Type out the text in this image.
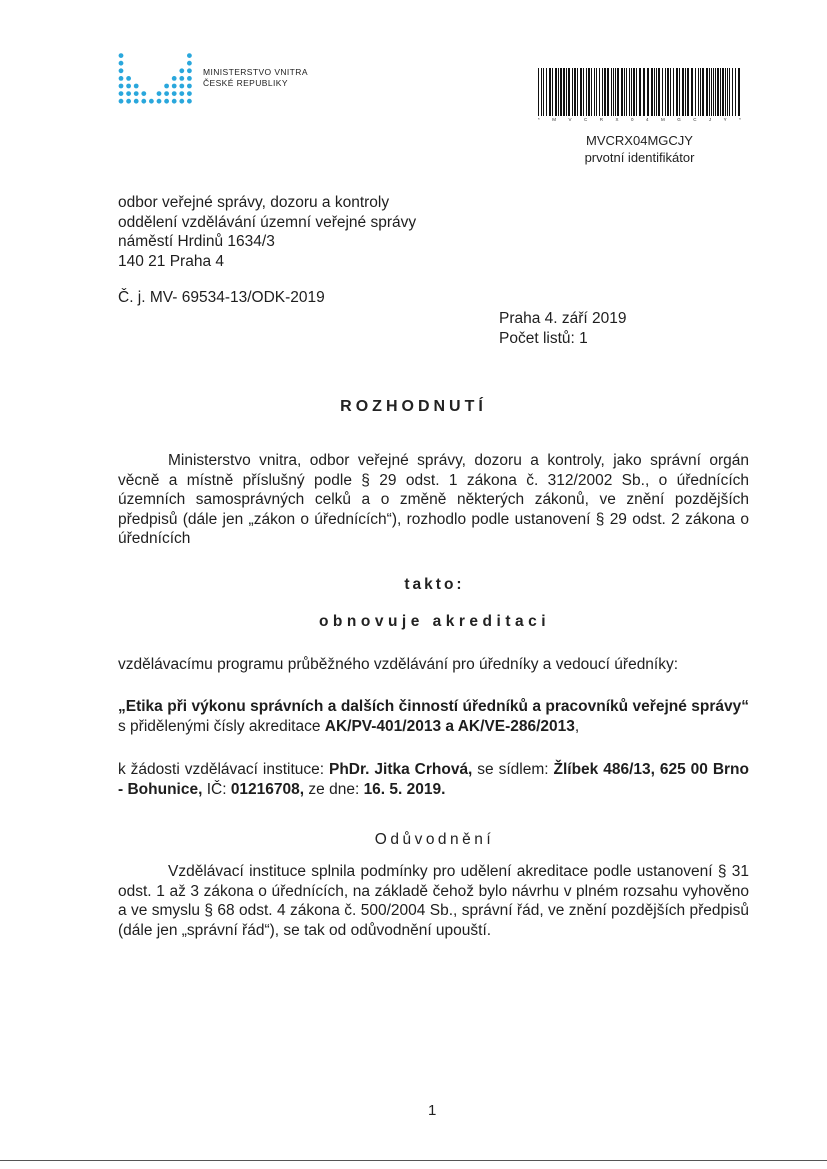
MINISTERSTVO VNITRA
ČESKÉ REPUBLIKY
*	M	V	C	R	X	0	4	M	G	C	J	Y	*
MVCRX04MGCJY
prvotní identifikátor
odbor veřejné správy, dozoru a kontroly
oddělení vzdělávání územní veřejné správy
náměstí Hrdinů 1634/3
140 21 Praha 4

Č. j. MV- 69534-13/ODK-2019

Praha 4. září 2019
Počet listů: 1
ROZHODNUTÍ

Ministerstvo vnitra, odbor veřejné správy, dozoru a kontroly, jako správní orgán věcně a místně příslušný podle § 29 odst. 1 zákona č. 312/2002 Sb., o úřednících územních samosprávných celků a o změně některých zákonů, ve znění pozdějších předpisů (dále jen „zákon o úřednících“), rozhodlo podle ustanovení § 29 odst. 2 zákona o úřednících

takto:

obnovuje akreditaci

vzdělávacímu programu průběžného vzdělávání pro úředníky a vedoucí úředníky:

„Etika při výkonu správních a dalších činností úředníků a pracovníků veřejné správy“ s přidělenými čísly akreditace AK/PV-401/2013 a AK/VE-286/2013,

k žádosti vzdělávací instituce: PhDr. Jitka Crhová, se sídlem: Žlíbek 486/13, 625 00 Brno - Bohunice, IČ: 01216708, ze dne: 16. 5. 2019.

Odůvodnění

Vzdělávací instituce splnila podmínky pro udělení akreditace podle ustanovení § 31 odst. 1 až 3 zákona o úřednících, na základě čehož bylo návrhu v plném rozsahu vyhověno a ve smyslu § 68 odst. 4 zákona č. 500/2004 Sb., správní řád, ve znění pozdějších předpisů (dále jen „správní řád“), se tak od odůvodnění upouští.

1
